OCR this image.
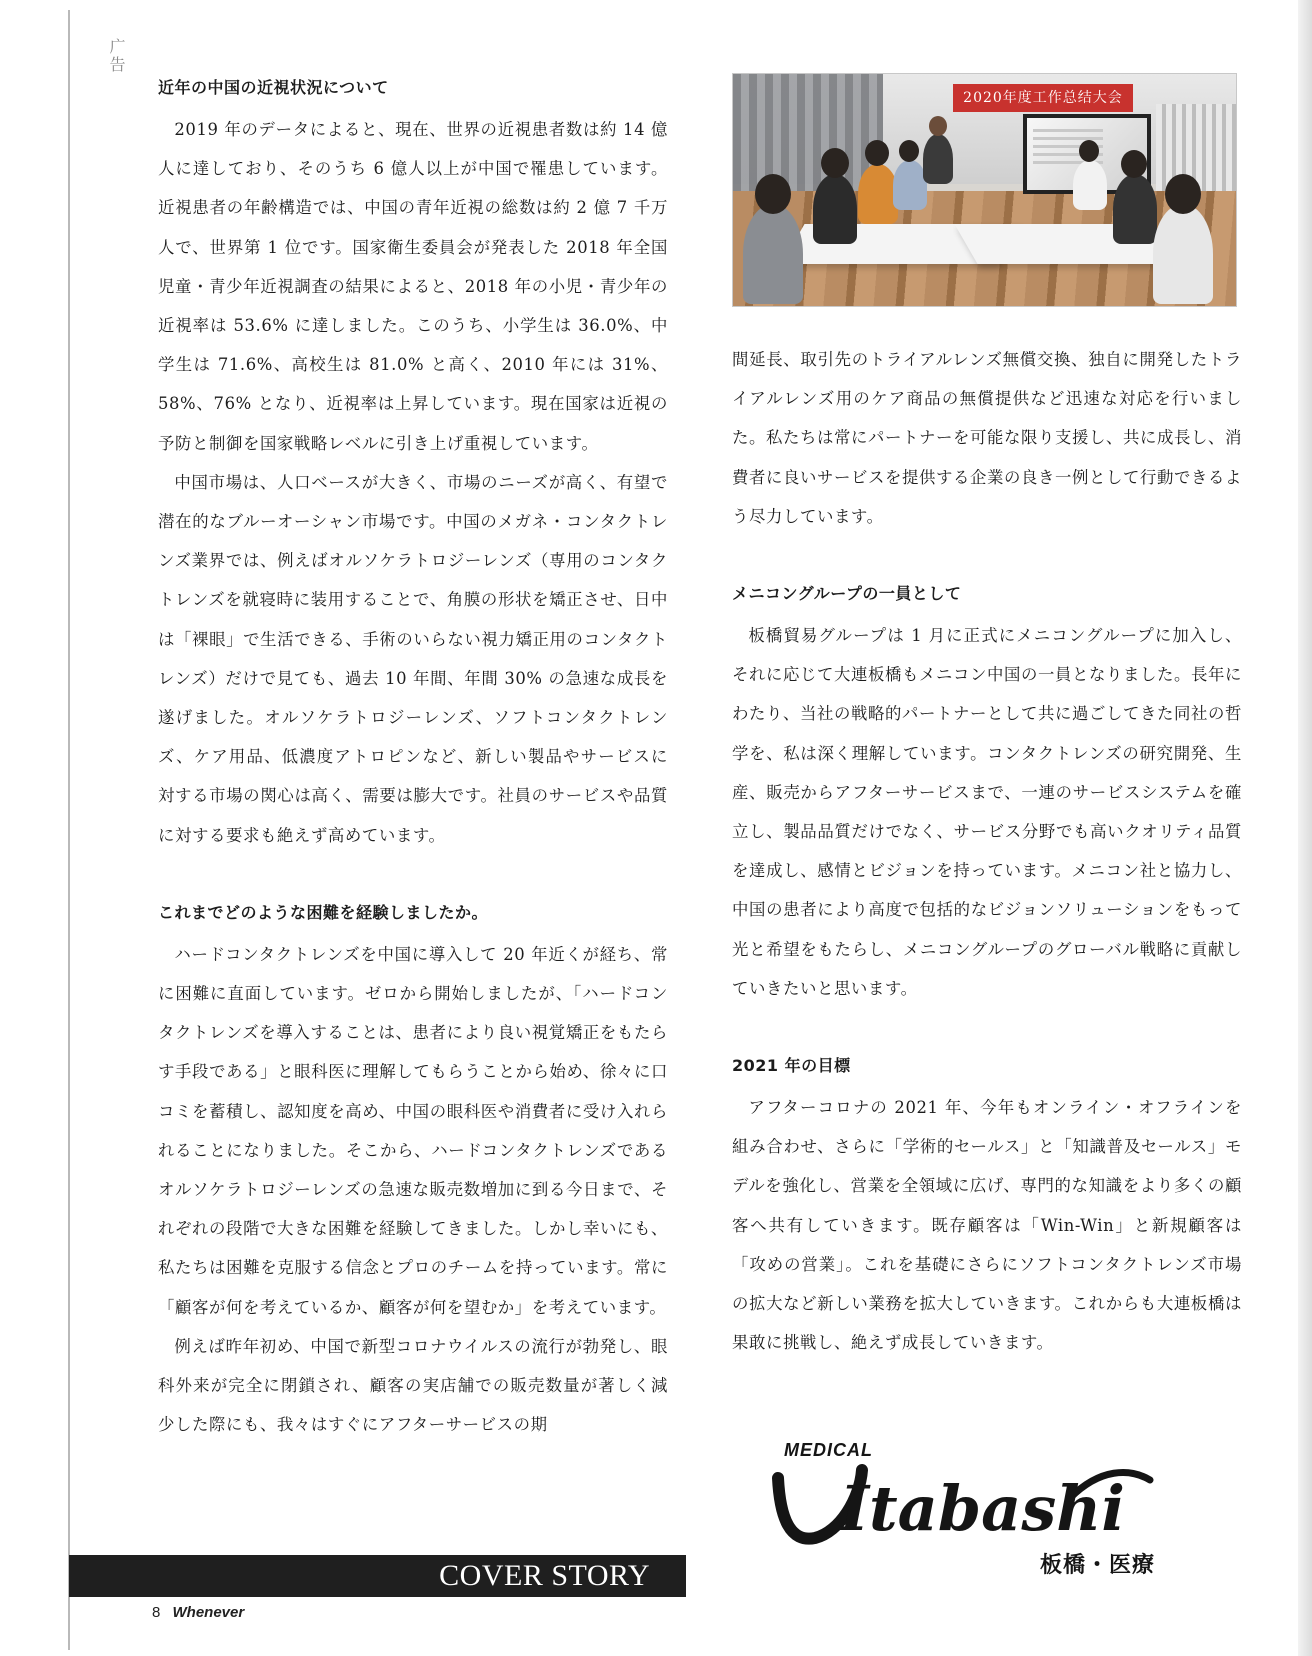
广告
近年の中国の近視状況について

2019 年のデータによると、現在、世界の近視患者数は約 14 億人に達しており、そのうち 6 億人以上が中国で罹患しています。近視患者の年齢構造では、中国の青年近視の総数は約 2 億 7 千万人で、世界第 1 位です。国家衛生委員会が発表した 2018 年全国児童・青少年近視調査の結果によると、2018 年の小児・青少年の近視率は 53.6% に達しました。このうち、小学生は 36.0%、中学生は 71.6%、高校生は 81.0% と高く、2010 年には 31%、58%、76% となり、近視率は上昇しています。現在国家は近視の予防と制御を国家戦略レベルに引き上げ重視しています。

中国市場は、人口ベースが大きく、市場のニーズが高く、有望で潜在的なブルーオーシャン市場です。中国のメガネ・コンタクトレンズ業界では、例えばオルソケラトロジーレンズ（専用のコンタクトレンズを就寝時に装用することで、角膜の形状を矯正させ、日中は「裸眼」で生活できる、手術のいらない視力矯正用のコンタクトレンズ）だけで見ても、過去 10 年間、年間 30% の急速な成長を遂げました。オルソケラトロジーレンズ、ソフトコンタクトレンズ、ケア用品、低濃度アトロピンなど、新しい製品やサービスに対する市場の関心は高く、需要は膨大です。社員のサービスや品質に対する要求も絶えず高めています。

これまでどのような困難を経験しましたか。

ハードコンタクトレンズを中国に導入して 20 年近くが経ち、常に困難に直面しています。ゼロから開始しましたが、「ハードコンタクトレンズを導入することは、患者により良い視覚矯正をもたらす手段である」と眼科医に理解してもらうことから始め、徐々に口コミを蓄積し、認知度を高め、中国の眼科医や消費者に受け入れられることになりました。そこから、ハードコンタクトレンズであるオルソケラトロジーレンズの急速な販売数増加に到る今日まで、それぞれの段階で大きな困難を経験してきました。しかし幸いにも、私たちは困難を克服する信念とプロのチームを持っています。常に「顧客が何を考えているか、顧客が何を望むか」を考えています。

例えば昨年初め、中国で新型コロナウイルスの流行が勃発し、眼科外来が完全に閉鎖され、顧客の実店舗での販売数量が著しく減少した際にも、我々はすぐにアフターサービスの期

2020年度工作总结大会

間延長、取引先のトライアルレンズ無償交換、独自に開発したトライアルレンズ用のケア商品の無償提供など迅速な対応を行いました。私たちは常にパートナーを可能な限り支援し、共に成長し、消費者に良いサービスを提供する企業の良き一例として行動できるよう尽力しています。

メニコングループの一員として

板橋貿易グループは 1 月に正式にメニコングループに加入し、それに応じて大連板橋もメニコン中国の一員となりました。長年にわたり、当社の戦略的パートナーとして共に過ごしてきた同社の哲学を、私は深く理解しています。コンタクトレンズの研究開発、生産、販売からアフターサービスまで、一連のサービスシステムを確立し、製品品質だけでなく、サービス分野でも高いクオリティ品質を達成し、感情とビジョンを持っています。メニコン社と協力し、中国の患者により高度で包括的なビジョンソリューションをもって光と希望をもたらし、メニコングループのグローバル戦略に貢献していきたいと思います。

2021 年の目標

アフターコロナの 2021 年、今年もオンライン・オフラインを組み合わせ、さらに「学術的セールス」と「知識普及セールス」モデルを強化し、営業を全領域に広げ、専門的な知識をより多くの顧客へ共有していきます。既存顧客は「Win-Win」と新規顧客は「攻めの営業」。これを基礎にさらにソフトコンタクトレンズ市場の拡大など新しい業務を拡大していきます。これからも大連板橋は果敢に挑戦し、絶えず成長していきます。

MEDICAL
Itabashi
板橋・医療
COVER STORY
8 Whenever
